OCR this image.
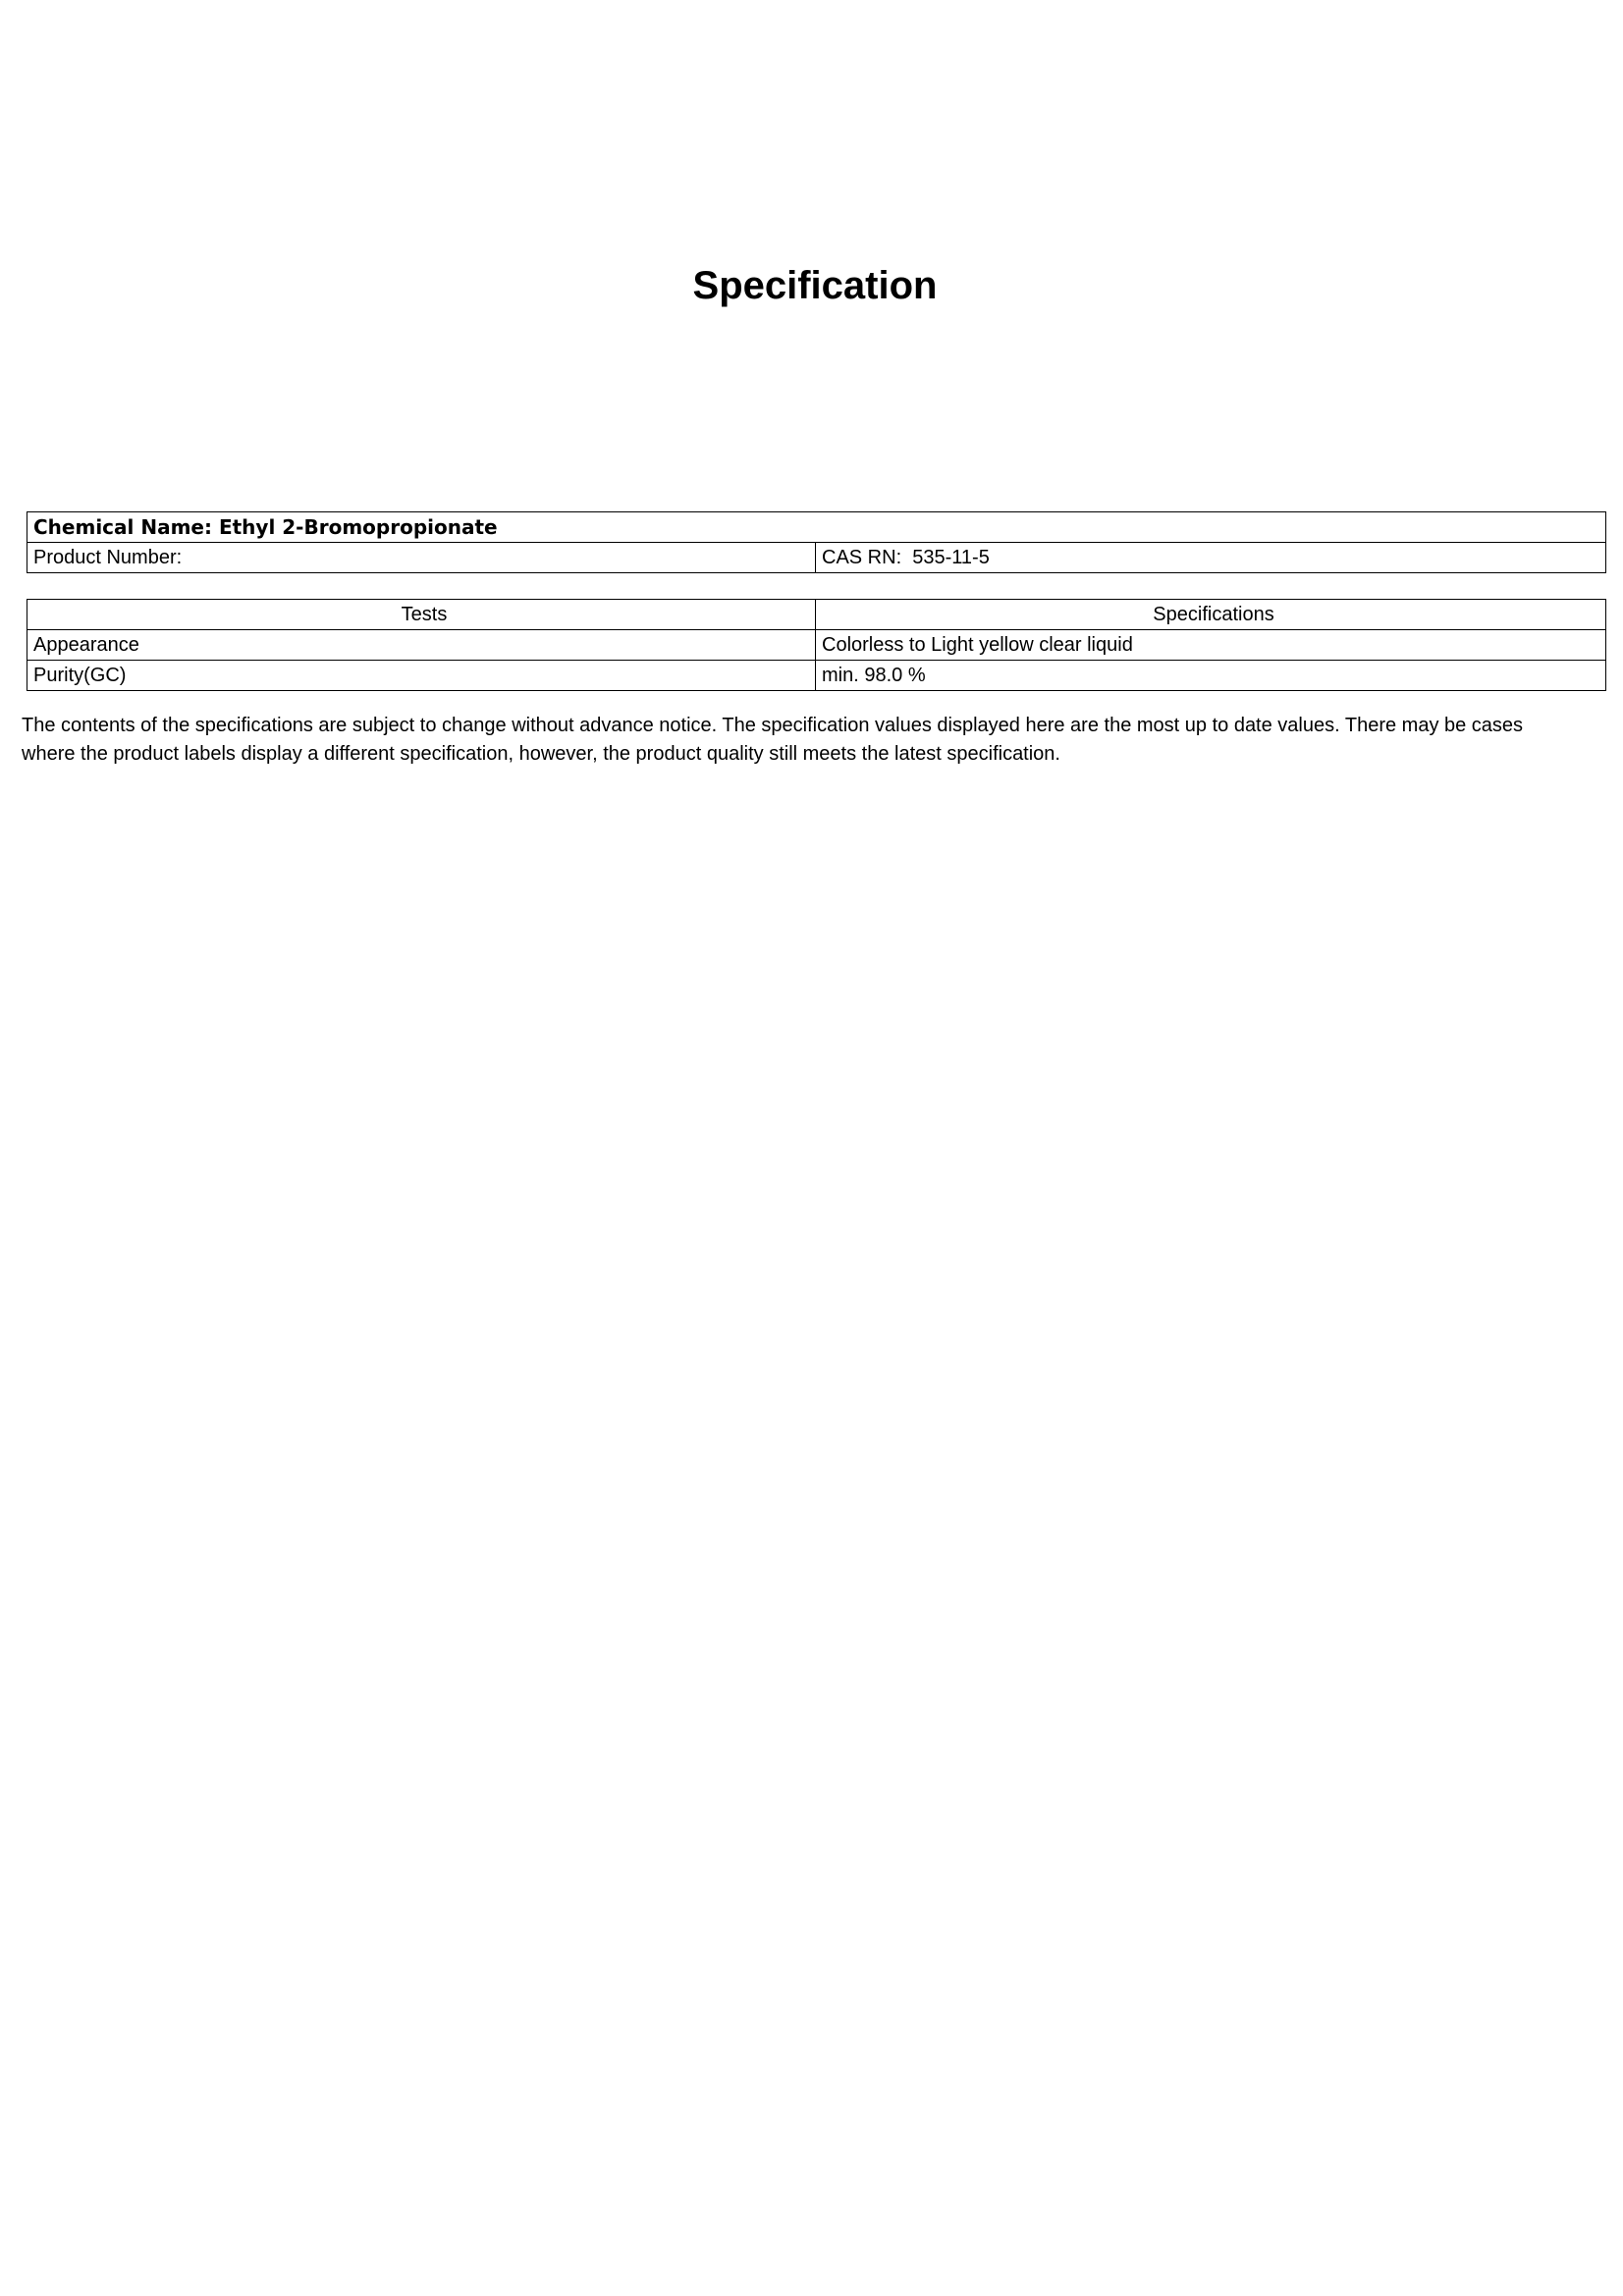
Specification
Chemical Name: Ethyl 2-Bromopropionate
Product Number:	CAS RN: 535-11-5
Tests	Specifications
Appearance	Colorless to Light yellow clear liquid
Purity(GC)	min. 98.0 %

The contents of the specifications are subject to change without advance notice. The specification values displayed here are the most up to date values. There may be cases

where the product labels display a different specification, however, the product quality still meets the latest specification.
